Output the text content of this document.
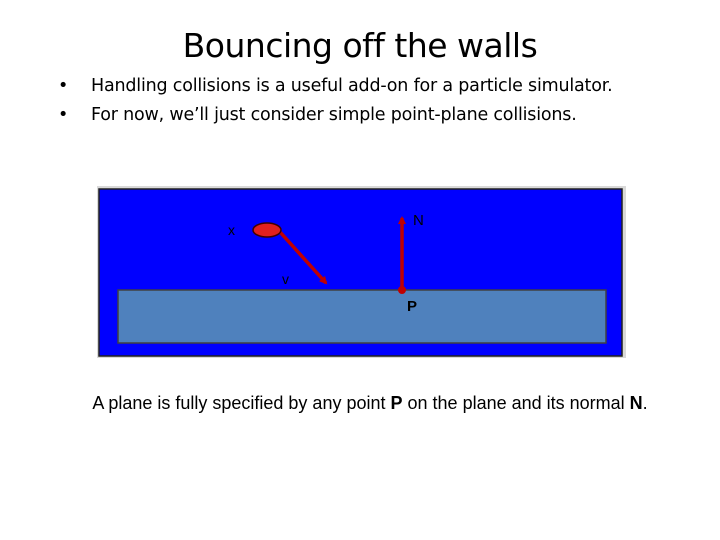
Bouncing off the walls
• Handling collisions is a useful add-on for a particle simulator.
• For now, we’ll just consider simple point-plane collisions.
x
v
N
P
A plane is fully specified by any point P on the plane and its normal N.
